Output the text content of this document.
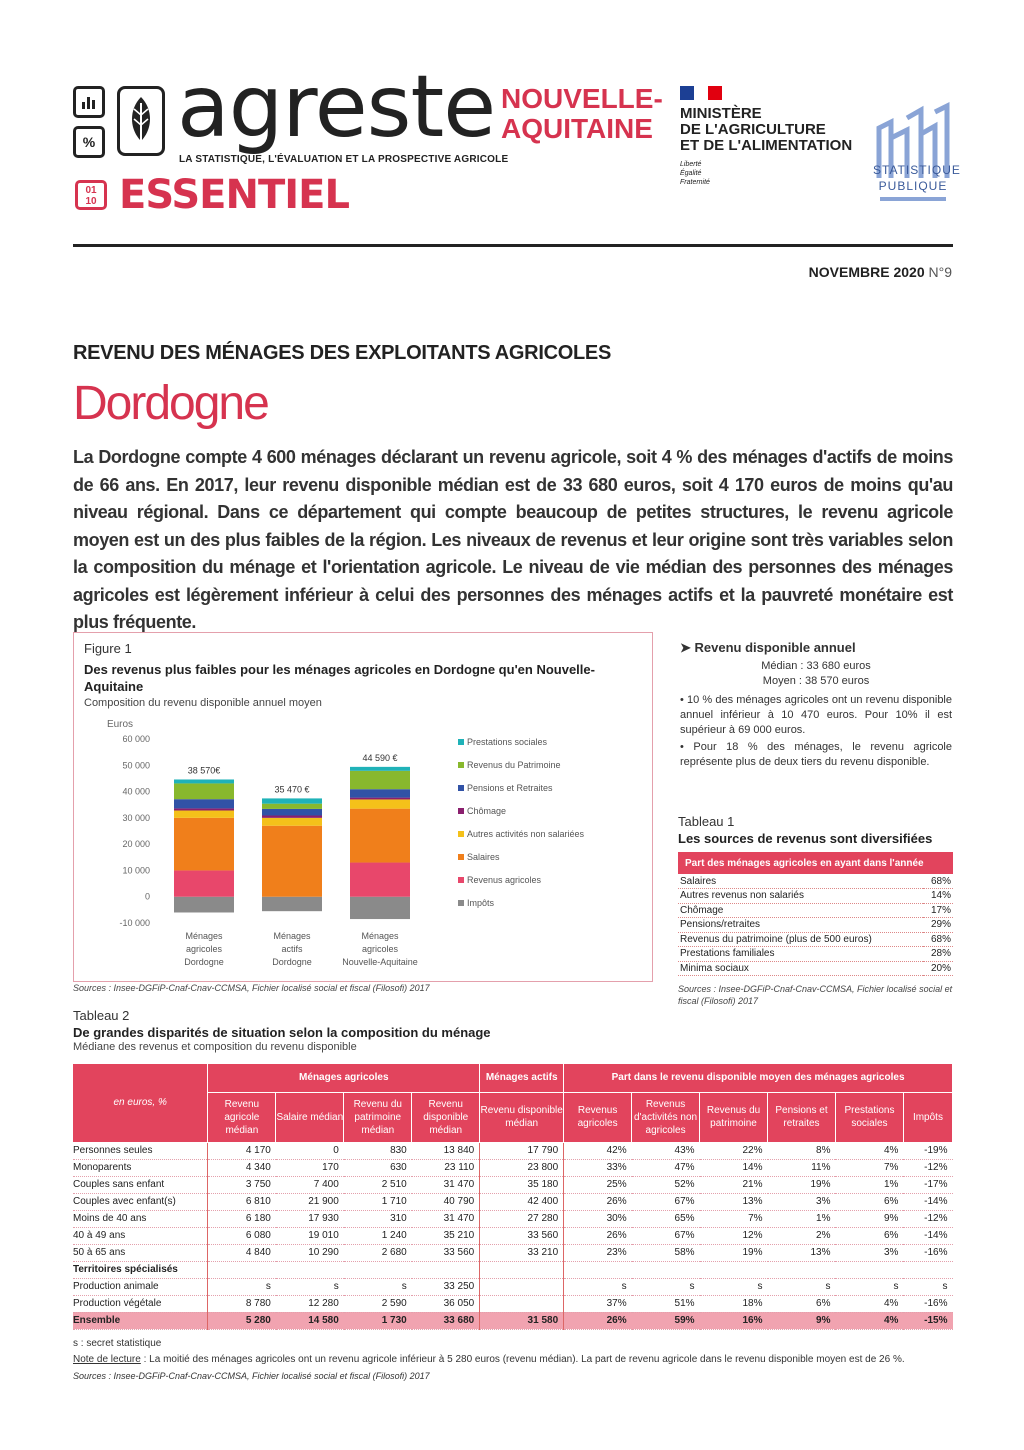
% agreste
LA STATISTIQUE, L'ÉVALUATION ET LA PROSPECTIVE AGRICOLE
NOUVELLE-
AQUITAINE
01
10 ESSENTIEL
MINISTÈRE
DE L'AGRICULTURE
ET DE L'ALIMENTATION
Liberté
Égalité
Fraternité
STATISTIQUE
PUBLIQUE
NOVEMBRE 2020 N°9
REVENU DES MÉNAGES DES EXPLOITANTS AGRICOLES
Dordogne
La Dordogne compte 4 600 ménages déclarant un revenu agricole, soit 4 % des ménages d'actifs de moins de 66 ans. En 2017, leur revenu disponible médian est de 33 680 euros, soit 4 170 euros de moins qu'au niveau régional. Dans ce département qui compte beaucoup de petites structures, le revenu agricole moyen est un des plus faibles de la région. Les niveaux de revenus et leur origine sont très variables selon la composition du ménage et l'orientation agricole. Le niveau de vie médian des personnes des ménages agricoles est légèrement inférieur à celui des personnes des ménages actifs et la pauvreté monétaire est plus fréquente.
Figure 1
Des revenus plus faibles pour les ménages agricoles en Dordogne qu'en Nouvelle-Aquitaine
Composition du revenu disponible annuel moyen
Euros
60 000
50 000
40 000
30 000
20 000
10 000
0
-10 000
38 570€
Ménages
agricoles
Dordogne
35 470 €
Ménages
actifs
Dordogne
44 590 €
Ménages
agricoles
Nouvelle-Aquitaine
Prestations sociales
Revenus du Patrimoine
Pensions et Retraites
Chômage
Autres activités non salariées
Salaires
Revenus agricoles
Impôts
Sources : Insee-DGFiP-Cnaf-Cnav-CCMSA, Fichier localisé social et fiscal (Filosofi) 2017
➤ Revenu disponible annuel
Médian : 33 680 euros
Moyen : 38 570 euros
• 10 % des ménages agricoles ont un revenu disponible annuel inférieur à 10 470 euros. Pour 10% il est supérieur à 69 000 euros.
• Pour 18 % des ménages, le revenu agricole représente plus de deux tiers du revenu disponible.
Tableau 1
Les sources de revenus sont diversifiées
Part des ménages agricoles en ayant dans l'année
Salaires	68%
Autres revenus non salariés	14%
Chômage	17%
Pensions/retraites	29%
Revenus du patrimoine (plus de 500 euros)	68%
Prestations familiales	28%
Minima sociaux	20%
Sources : Insee-DGFiP-Cnaf-Cnav-CCMSA, Fichier localisé social et fiscal (Filosofi) 2017
Tableau 2
De grandes disparités de situation selon la composition du ménage
Médiane des revenus et composition du revenu disponible
en euros, %	Ménages agricoles				Ménages actifs	Part dans le revenu disponible moyen des ménages agricoles					
	Revenu agricole médian	Salaire médian	Revenu du patrimoine médian	Revenu disponible médian	Revenu disponible médian	Revenus agricoles	Revenus d'activités non agricoles	Revenus du patrimoine	Pensions et retraites	Prestations sociales	Impôts
Personnes seules	4 170	0	830	13 840	17 790	42%	43%	22%	8%	4%	-19%
Monoparents	4 340	170	630	23 110	23 800	33%	47%	14%	11%	7%	-12%
Couples sans enfant	3 750	7 400	2 510	31 470	35 180	25%	52%	21%	19%	1%	-17%
Couples avec enfant(s)	6 810	21 900	1 710	40 790	42 400	26%	67%	13%	3%	6%	-14%
Moins de 40 ans	6 180	17 930	310	31 470	27 280	30%	65%	7%	1%	9%	-12%
40 à 49 ans	6 080	19 010	1 240	35 210	33 560	26%	67%	12%	2%	6%	-14%
50 à 65 ans	4 840	10 290	2 680	33 560	33 210	23%	58%	19%	13%	3%	-16%
Territoires spécialisés											
Production animale	s	s	s	33 250		s	s	s	s	s	s
Production végétale	8 780	12 280	2 590	36 050		37%	51%	18%	6%	4%	-16%
Ensemble	5 280	14 580	1 730	33 680	31 580	26%	59%	16%	9%	4%	-15%
s : secret statistique
Note de lecture : La moitié des ménages agricoles ont un revenu agricole inférieur à 5 280 euros (revenu médian). La part de revenu agricole dans le revenu disponible moyen est de 26 %.
Sources : Insee-DGFiP-Cnaf-Cnav-CCMSA, Fichier localisé social et fiscal (Filosofi) 2017
